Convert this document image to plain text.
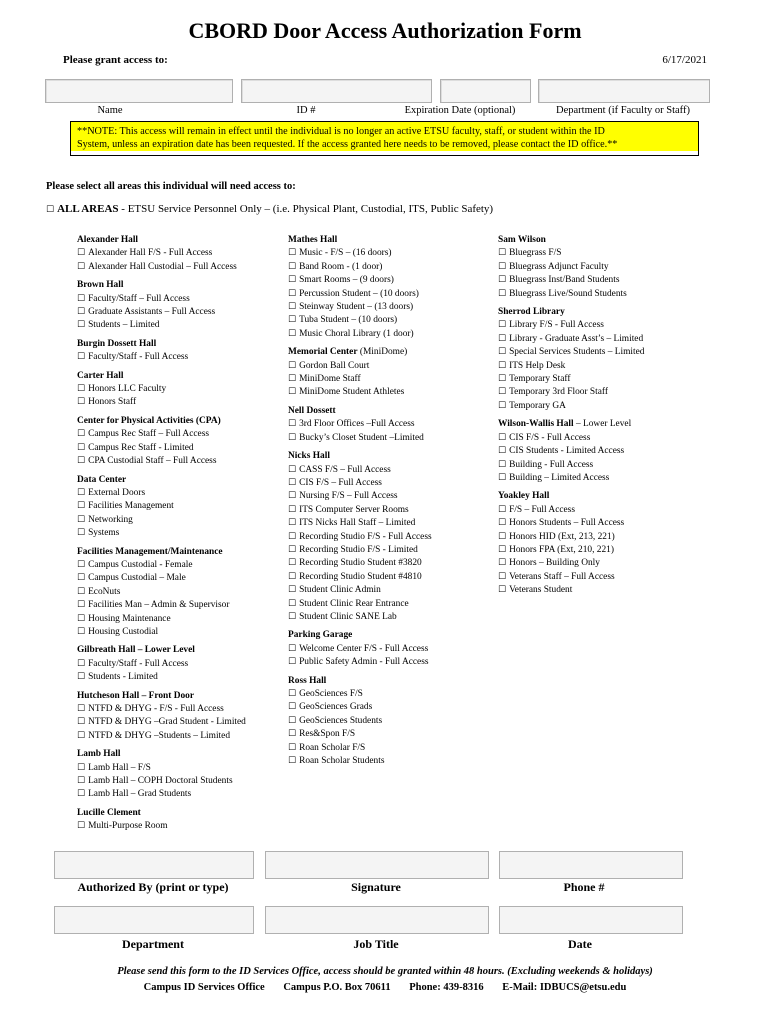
CBORD Door Access Authorization Form
Please grant access to:	6/17/2021
Name	ID #	Expiration Date (optional)	Department (if Faculty or Staff)
**NOTE: This access will remain in effect until the individual is no longer an active ETSU faculty, staff, or student within the ID
System, unless an expiration date has been requested. If the access granted here needs to be removed, please contact the ID office.**
Please select all areas this individual will need access to:
☐ ALL AREAS - ETSU Service Personnel Only – (i.e. Physical Plant, Custodial, ITS, Public Safety)
Alexander Hall
☐ Alexander Hall F/S - Full Access
☐ Alexander Hall Custodial – Full Access
Brown Hall
☐ Faculty/Staff – Full Access
☐ Graduate Assistants – Full Access
☐ Students – Limited
Burgin Dossett Hall
☐ Faculty/Staff - Full Access
Carter Hall
☐ Honors LLC Faculty
☐ Honors Staff
Center for Physical Activities (CPA)
☐ Campus Rec Staff – Full Access
☐ Campus Rec Staff - Limited
☐ CPA Custodial Staff – Full Access
Data Center
☐ External Doors
☐ Facilities Management
☐ Networking
☐ Systems
Facilities Management/Maintenance
☐ Campus Custodial - Female
☐ Campus Custodial – Male
☐ EcoNuts
☐ Facilities Man – Admin & Supervisor
☐ Housing Maintenance
☐ Housing Custodial
Gilbreath Hall – Lower Level
☐ Faculty/Staff - Full Access
☐ Students - Limited
Hutcheson Hall – Front Door
☐ NTFD & DHYG - F/S - Full Access
☐ NTFD & DHYG –Grad Student - Limited
☐ NTFD & DHYG –Students – Limited
Lamb Hall
☐ Lamb Hall – F/S
☐ Lamb Hall – COPH Doctoral Students
☐ Lamb Hall – Grad Students
Lucille Clement
☐ Multi-Purpose Room
Mathes Hall
☐ Music - F/S – (16 doors)
☐ Band Room - (1 door)
☐ Smart Rooms – (9 doors)
☐ Percussion Student – (10 doors)
☐ Steinway Student – (13 doors)
☐ Tuba Student – (10 doors)
☐ Music Choral Library (1 door)
Memorial Center (MiniDome)
☐ Gordon Ball Court
☐ MiniDome Staff
☐ MiniDome Student Athletes
Nell Dossett
☐ 3rd Floor Offices –Full Access
☐ Bucky’s Closet Student –Limited
Nicks Hall
☐ CASS F/S – Full Access
☐ CIS F/S – Full Access
☐ Nursing F/S – Full Access
☐ ITS Computer Server Rooms
☐ ITS Nicks Hall Staff – Limited
☐ Recording Studio F/S - Full Access
☐ Recording Studio F/S - Limited
☐ Recording Studio Student #3820
☐ Recording Studio Student #4810
☐ Student Clinic Admin
☐ Student Clinic Rear Entrance
☐ Student Clinic SANE Lab
Parking Garage
☐ Welcome Center F/S - Full Access
☐ Public Safety Admin - Full Access
Ross Hall
☐ GeoSciences F/S
☐ GeoSciences Grads
☐ GeoSciences Students
☐ Res&Spon F/S
☐ Roan Scholar F/S
☐ Roan Scholar Students
Sam Wilson
☐ Bluegrass F/S
☐ Bluegrass Adjunct Faculty
☐ Bluegrass Inst/Band Students
☐ Bluegrass Live/Sound Students
Sherrod Library
☐ Library F/S - Full Access
☐ Library - Graduate Asst’s – Limited
☐ Special Services Students – Limited
☐ ITS Help Desk
☐ Temporary Staff
☐ Temporary 3rd Floor Staff
☐ Temporary GA
Wilson-Wallis Hall – Lower Level
☐ CIS F/S - Full Access
☐ CIS Students - Limited Access
☐ Building - Full Access
☐ Building – Limited Access
Yoakley Hall
☐ F/S – Full Access
☐ Honors Students – Full Access
☐ Honors HID (Ext, 213, 221)
☐ Honors FPA (Ext, 210, 221)
☐ Honors – Building Only
☐ Veterans Staff – Full Access
☐ Veterans Student
Authorized By (print or type)	Signature	Phone #
Department	Job Title	Date
Please send this form to the ID Services Office, access should be granted within 48 hours. (Excluding weekends & holidays)
Campus ID Services Office Campus P.O. Box 70611 Phone: 439-8316 E-Mail: IDBUCS@etsu.edu
